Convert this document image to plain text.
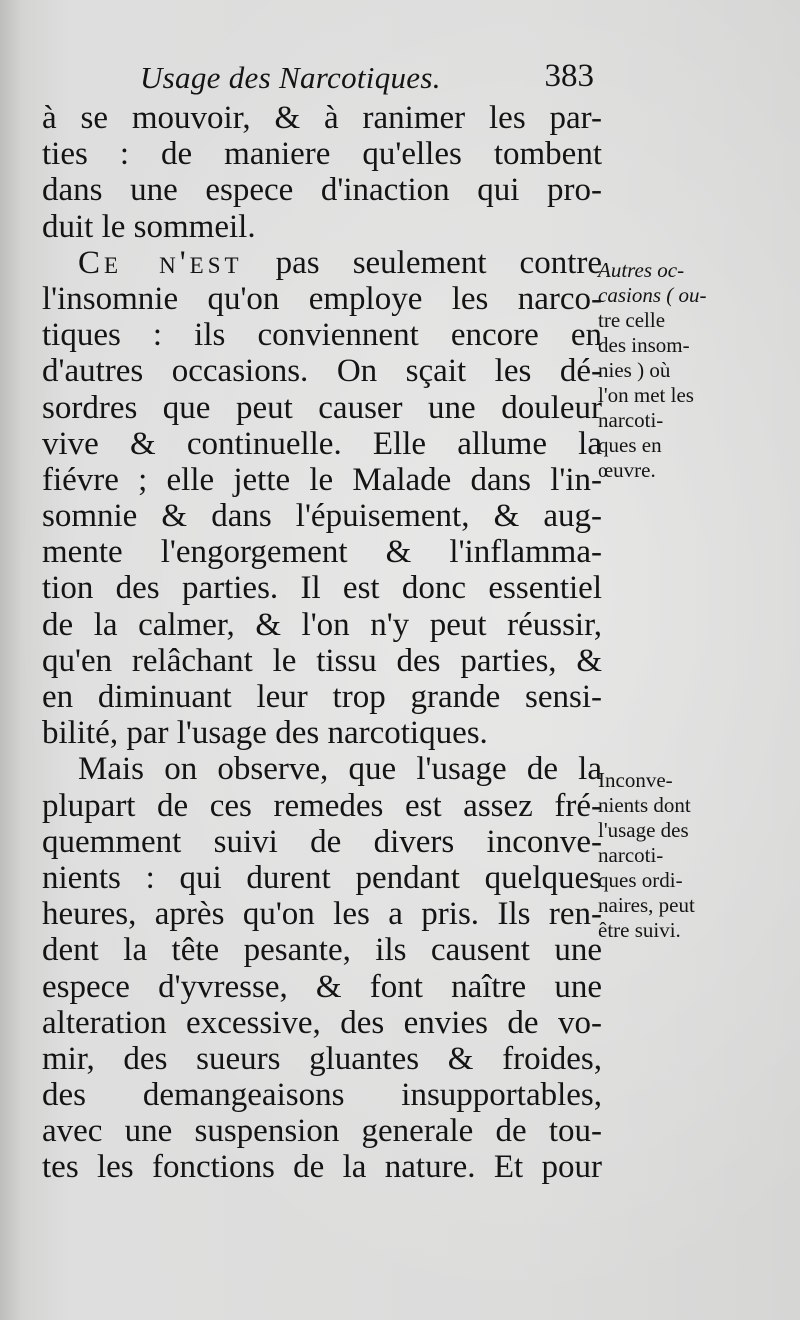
Usage des Narcotiques.	383
à se mouvoir, & à ranimer les par-
ties : de maniere qu'elles tombent
dans une espece d'inaction qui pro-
duit le sommeil.
Ce n'est pas seulement contre
l'insomnie qu'on employe les narco-
tiques : ils conviennent encore en
d'autres occasions. On sçait les dé-
sordres que peut causer une douleur
vive & continuelle. Elle allume la
fiévre ; elle jette le Malade dans l'in-
somnie & dans l'épuisement, & aug-
mente l'engorgement & l'inflamma-
tion des parties. Il est donc essentiel
de la calmer, & l'on n'y peut réussir,
qu'en relâchant le tissu des parties, &
en diminuant leur trop grande sensi-
bilité, par l'usage des narcotiques.
Mais on observe, que l'usage de la
plupart de ces remedes est assez fré-
quemment suivi de divers inconve-
nients : qui durent pendant quelques
heures, après qu'on les a pris. Ils ren-
dent la tête pesante, ils causent une
espece d'yvresse, & font naître une
alteration excessive, des envies de vo-
mir, des sueurs gluantes & froides,
des demangeaisons insupportables,
avec une suspension generale de tou-
tes les fonctions de la nature. Et pour
Autres oc-
casions ( ou-
tre celle
des insom-
nies ) où
l'on met les
narcoti-
ques en
œuvre.
Inconve-
nients dont
l'usage des
narcoti-
ques ordi-
naires, peut
être suivi.
